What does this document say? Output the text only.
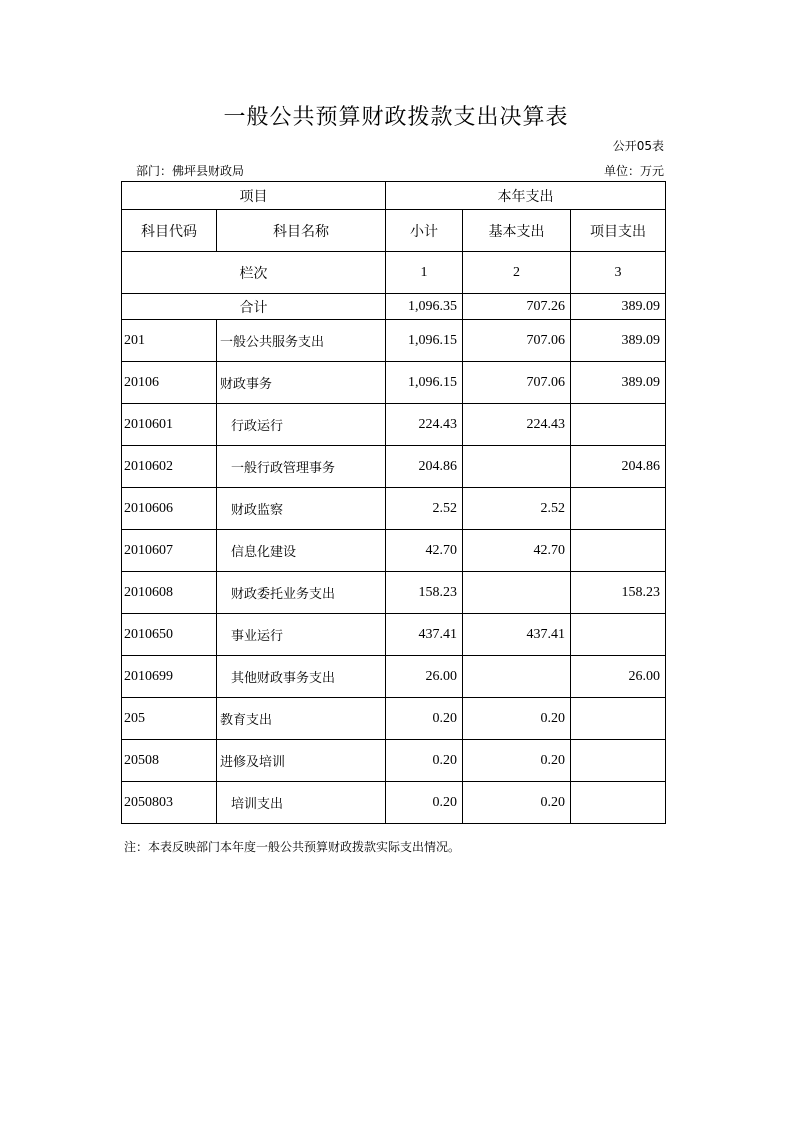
一般公共预算财政拨款支出决算表
公开05表
部门：佛坪县财政局	单位：万元
项目		本年支出		
科目代码	科目名称	小计	基本支出	项目支出
栏次		1	2	3
合计		1,096.35	707.26	389.09
201	一般公共服务支出	1,096.15	707.06	389.09
20106	财政事务	1,096.15	707.06	389.09
2010601	行政运行	224.43	224.43	
2010602	一般行政管理事务	204.86		204.86
2010606	财政监察	2.52	2.52	
2010607	信息化建设	42.70	42.70	
2010608	财政委托业务支出	158.23		158.23
2010650	事业运行	437.41	437.41	
2010699	其他财政事务支出	26.00		26.00
205	教育支出	0.20	0.20	
20508	进修及培训	0.20	0.20	
2050803	培训支出	0.20	0.20	
注：本表反映部门本年度一般公共预算财政拨款实际支出情况。
